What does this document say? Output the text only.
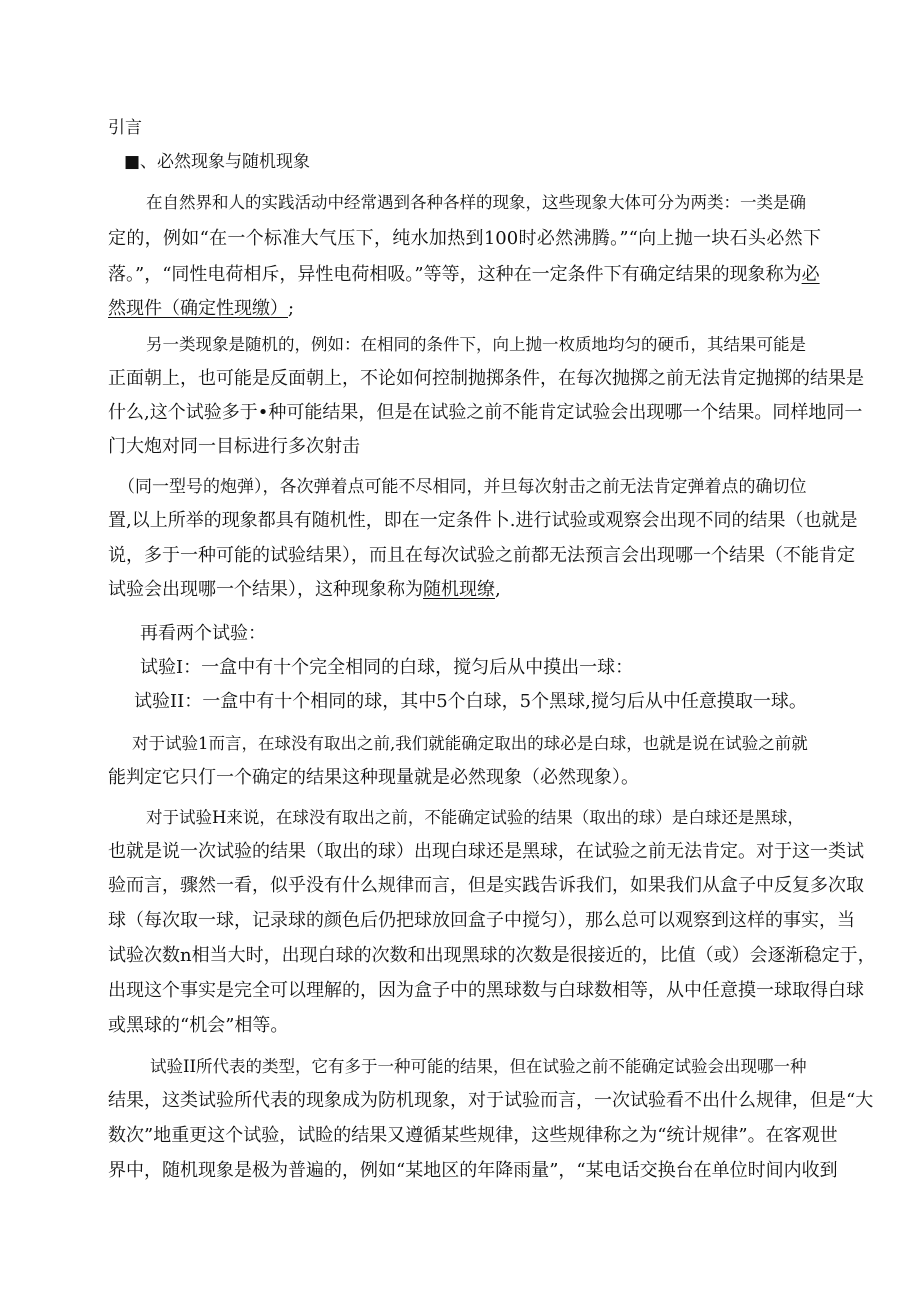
引言
■、必然现象与随机现象
在自然界和人的实践活动中经常遇到各种各样的现象，这些现象大体可分为两类：一类是确
定的，例如“在一个标准大气压下，纯水加热到100时必然沸腾。”“向上抛一块石头必然下
落。”，“同性电荷相斥，异性电荷相吸。”等等，这种在一定条件下有确定结果的现象称为必
然现件（确定性现缴）;
另一类现象是随机的，例如：在相同的条件下，向上抛一枚质地均匀的硬币，其结果可能是
正面朝上，也可能是反面朝上，不论如何控制抛掷条件，在每次抛掷之前无法肯定抛掷的结果是
什么,这个试验多于•种可能结果，但是在试验之前不能肯定试验会出现哪一个结果。同样地同一
门大炮对同一目标进行多次射击
（同一型号的炮弹），各次弹着点可能不尽相同，并旦每次射击之前无法肯定弹着点的确切位
置,以上所举的现象都具有随机性，即在一定条件卜.进行试验或观察会出现不同的结果（也就是
说，多于一种可能的试验结果），而且在每次试验之前都无法预言会出现哪一个结果（不能肯定
试验会出现哪一个结果），这种现象称为随机现缭,
再看两个试验：
试验I：一盒中有十个完全相同的白球，搅匀后从中摸出一球：
试验II：一盒中有十个相同的球，其中5个白球，5个黑球,搅匀后从中任意摸取一球。
对于试验1而言，在球没有取出之前,我们就能确定取出的球必是白球，也就是说在试验之前就
能判定它只仃一个确定的结果这种现量就是必然现象（必然现象）。
对于试验H来说，在球没有取出之前，不能确定试验的结果（取出的球）是白球还是黑球，
也就是说一次试验的结果（取出的球）出现白球还是黑球，在试验之前无法肯定。对于这一类试
验而言，骤然一看，似乎没有什么规律而言，但是实践告诉我们，如果我们从盒子中反复多次取
球（每次取一球，记录球的颜色后仍把球放回盒子中搅匀），那么总可以观察到这样的事实，当
试验次数n相当大时，出现白球的次数和出现黑球的次数是很接近的，比值（或）会逐渐稳定于，
出现这个事实是完全可以理解的，因为盒子中的黑球数与白球数相等，从中任意摸一球取得白球
或黑球的“机会”相等。
试验II所代表的类型，它有多于一种可能的结果，但在试验之前不能确定试验会出现哪一种
结果，这类试验所代表的现象成为防机现象，对于试验而言，一次试验看不出什么规律，但是“大
数次”地重更这个试验，试睑的结果又遵循某些规律，这些规律称之为“统计规律”。在客观世
界中，随机现象是极为普遍的，例如“某地区的年降雨量”，“某电话交换台在单位时间内收到
